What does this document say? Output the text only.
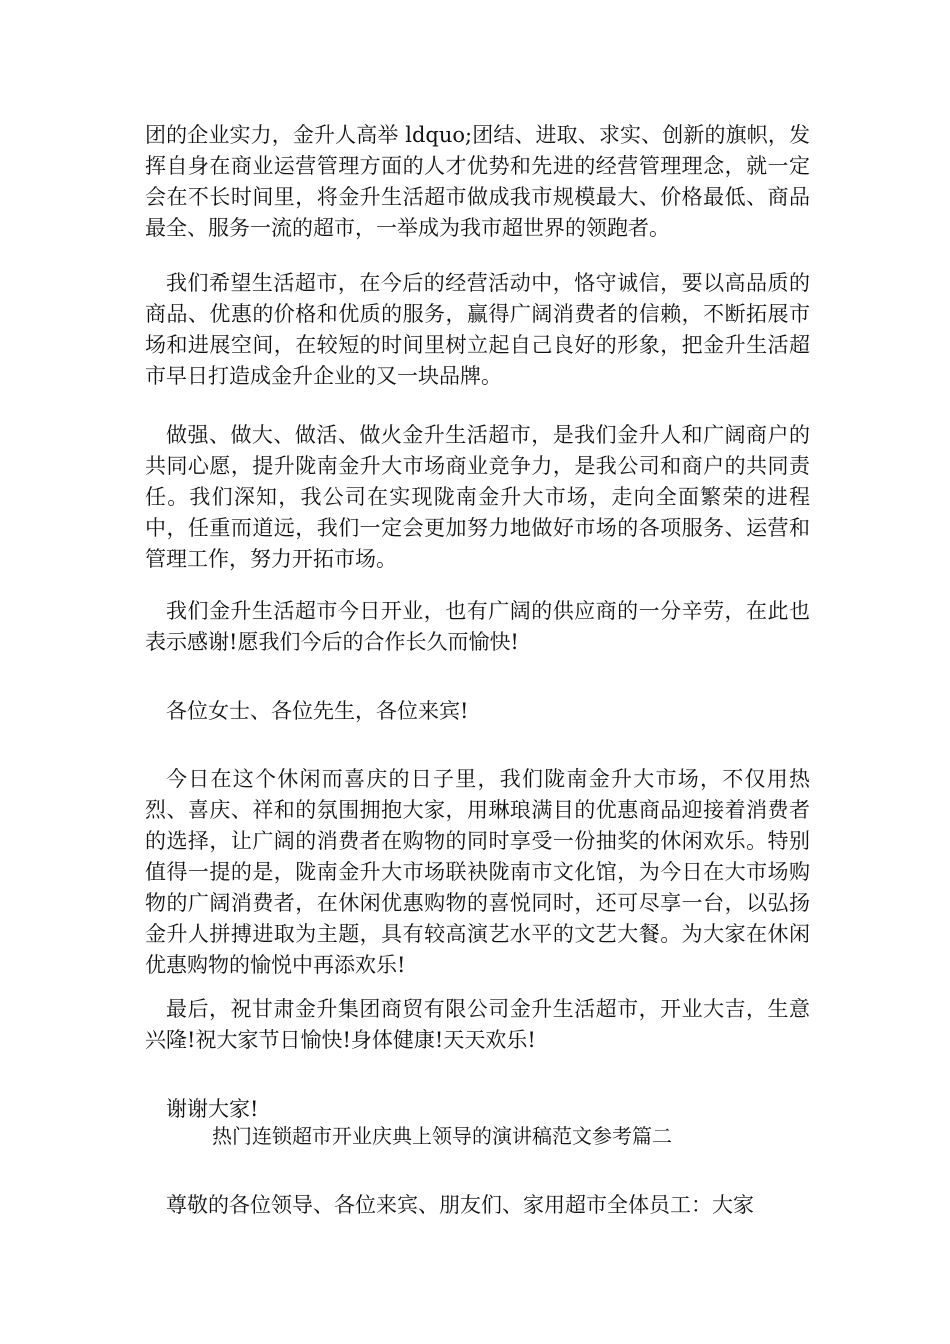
团的企业实力，金升人高举 ldquo;团结、进取、求实、创新的旗帜，发挥自身在商业运营管理方面的人才优势和先进的经营管理理念，就一定会在不长时间里，将金升生活超市做成我市规模最大、价格最低、商品最全、服务一流的超市，一举成为我市超世界的领跑者。

我们希望生活超市，在今后的经营活动中，恪守诚信，要以高品质的商品、优惠的价格和优质的服务，赢得广阔消费者的信赖，不断拓展市场和进展空间，在较短的时间里树立起自己良好的形象，把金升生活超市早日打造成金升企业的又一块品牌。

做强、做大、做活、做火金升生活超市，是我们金升人和广阔商户的共同心愿，提升陇南金升大市场商业竞争力，是我公司和商户的共同责任。我们深知，我公司在实现陇南金升大市场，走向全面繁荣的进程中，任重而道远，我们一定会更加努力地做好市场的各项服务、运营和管理工作，努力开拓市场。

我们金升生活超市今日开业，也有广阔的供应商的一分辛劳，在此也表示感谢!愿我们今后的合作长久而愉快!

各位女士、各位先生，各位来宾!

今日在这个休闲而喜庆的日子里，我们陇南金升大市场，不仅用热烈、喜庆、祥和的氛围拥抱大家，用琳琅满目的优惠商品迎接着消费者的选择，让广阔的消费者在购物的同时享受一份抽奖的休闲欢乐。特别值得一提的是，陇南金升大市场联袂陇南市文化馆，为今日在大市场购物的广阔消费者，在休闲优惠购物的喜悦同时，还可尽享一台，以弘扬金升人拼搏进取为主题，具有较高演艺水平的文艺大餐。为大家在休闲优惠购物的愉悦中再添欢乐!

最后，祝甘肃金升集团商贸有限公司金升生活超市，开业大吉，生意兴隆!祝大家节日愉快!身体健康!天天欢乐!

谢谢大家!

热门连锁超市开业庆典上领导的演讲稿范文参考篇二

尊敬的各位领导、各位来宾、朋友们、家用超市全体员工：大家
